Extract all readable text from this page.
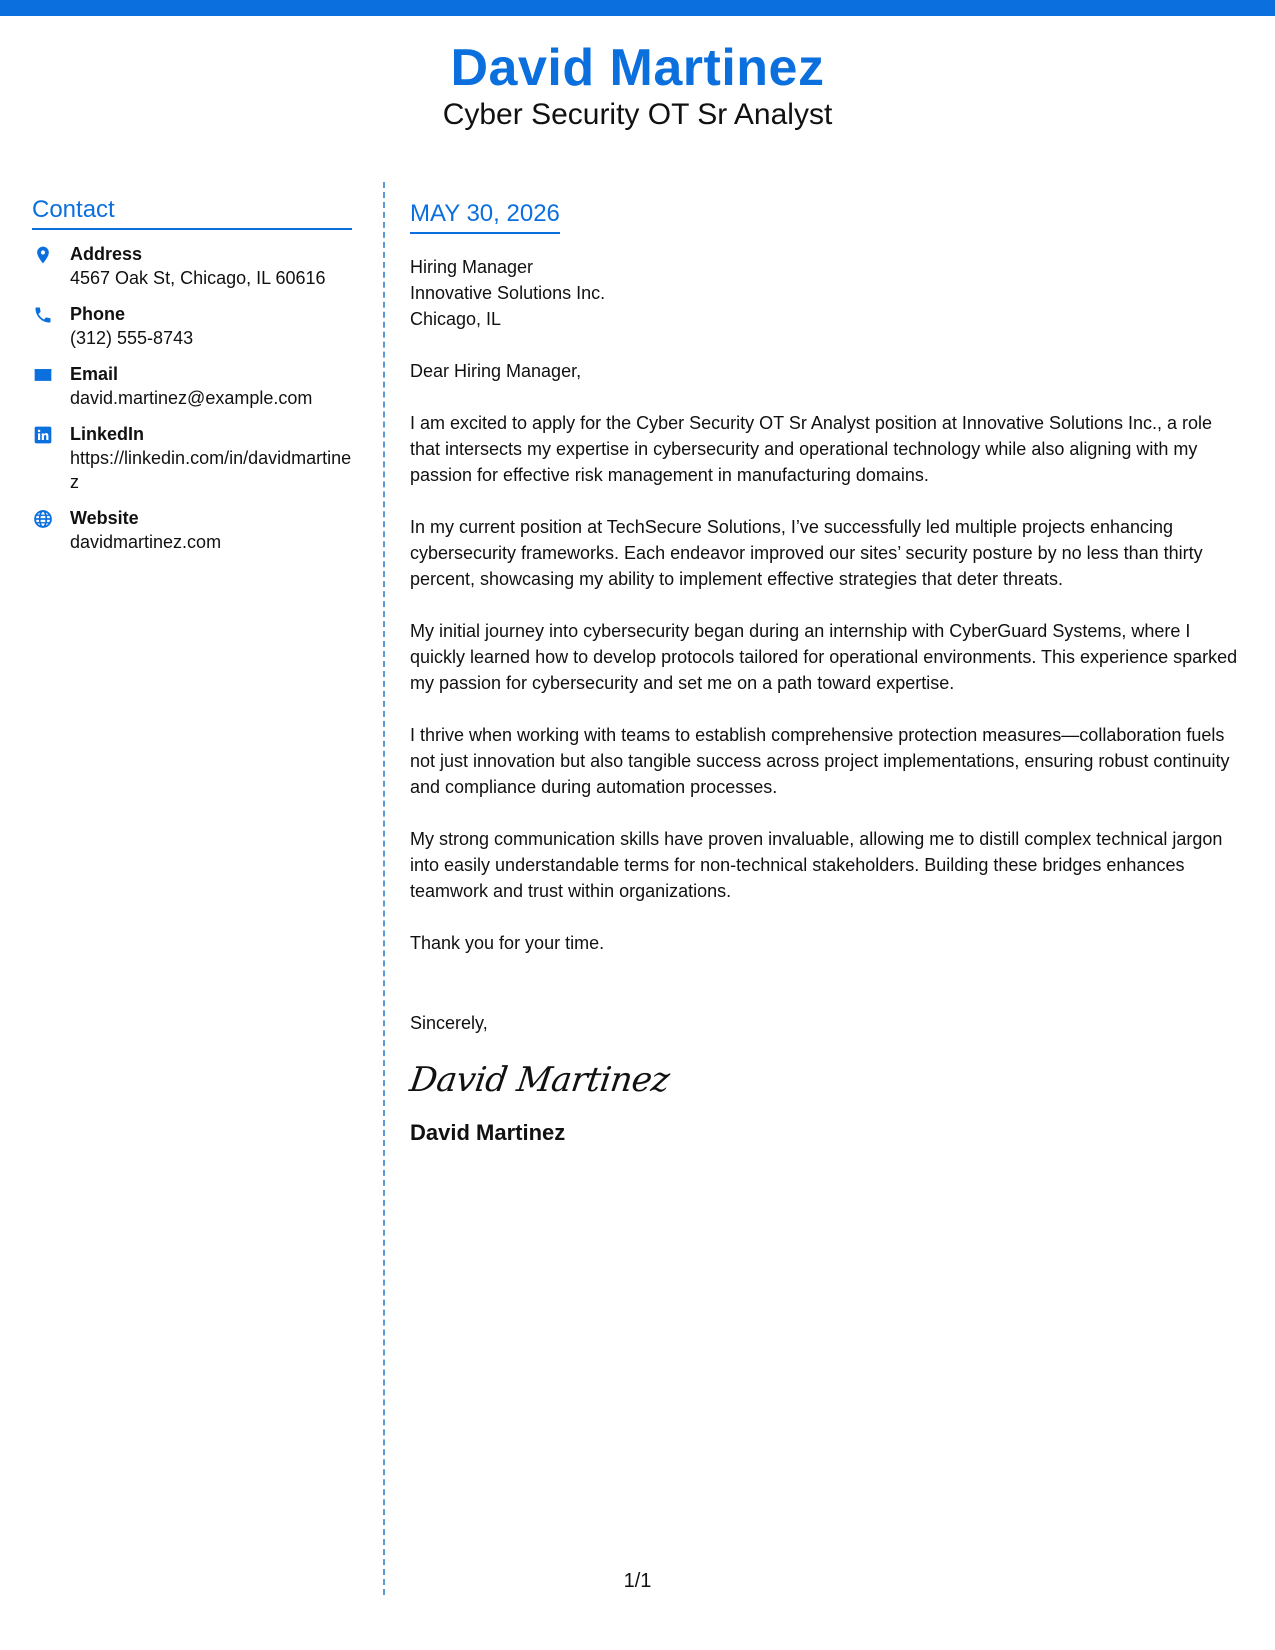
David Martinez
Cyber Security OT Sr Analyst
Contact
Address
4567 Oak St, Chicago, IL 60616
Phone
(312) 555-8743
Email
david.martinez@example.com
LinkedIn
https://linkedin.com/in/davidmartinez
Website
davidmartinez.com
MAY 30, 2026
Hiring Manager
Innovative Solutions Inc.
Chicago, IL
Dear Hiring Manager,

I am excited to apply for the Cyber Security OT Sr Analyst position at Innovative Solutions Inc., a role that intersects my expertise in cybersecurity and operational technology while also aligning with my passion for effective risk management in manufacturing domains.

In my current position at TechSecure Solutions, I’ve successfully led multiple projects enhancing cybersecurity frameworks. Each endeavor improved our sites’ security posture by no less than thirty percent, showcasing my ability to implement effective strategies that deter threats.

My initial journey into cybersecurity began during an internship with CyberGuard Systems, where I quickly learned how to develop protocols tailored for operational environments. This experience sparked my passion for cybersecurity and set me on a path toward expertise.

I thrive when working with teams to establish comprehensive protection measures—collaboration fuels not just innovation but also tangible success across project implementations, ensuring robust continuity and compliance during automation processes.

My strong communication skills have proven invaluable, allowing me to distill complex technical jargon into easily understandable terms for non-technical stakeholders. Building these bridges enhances teamwork and trust within organizations.

Thank you for your time.

Sincerely,
David Martinez
David Martinez
1/1
